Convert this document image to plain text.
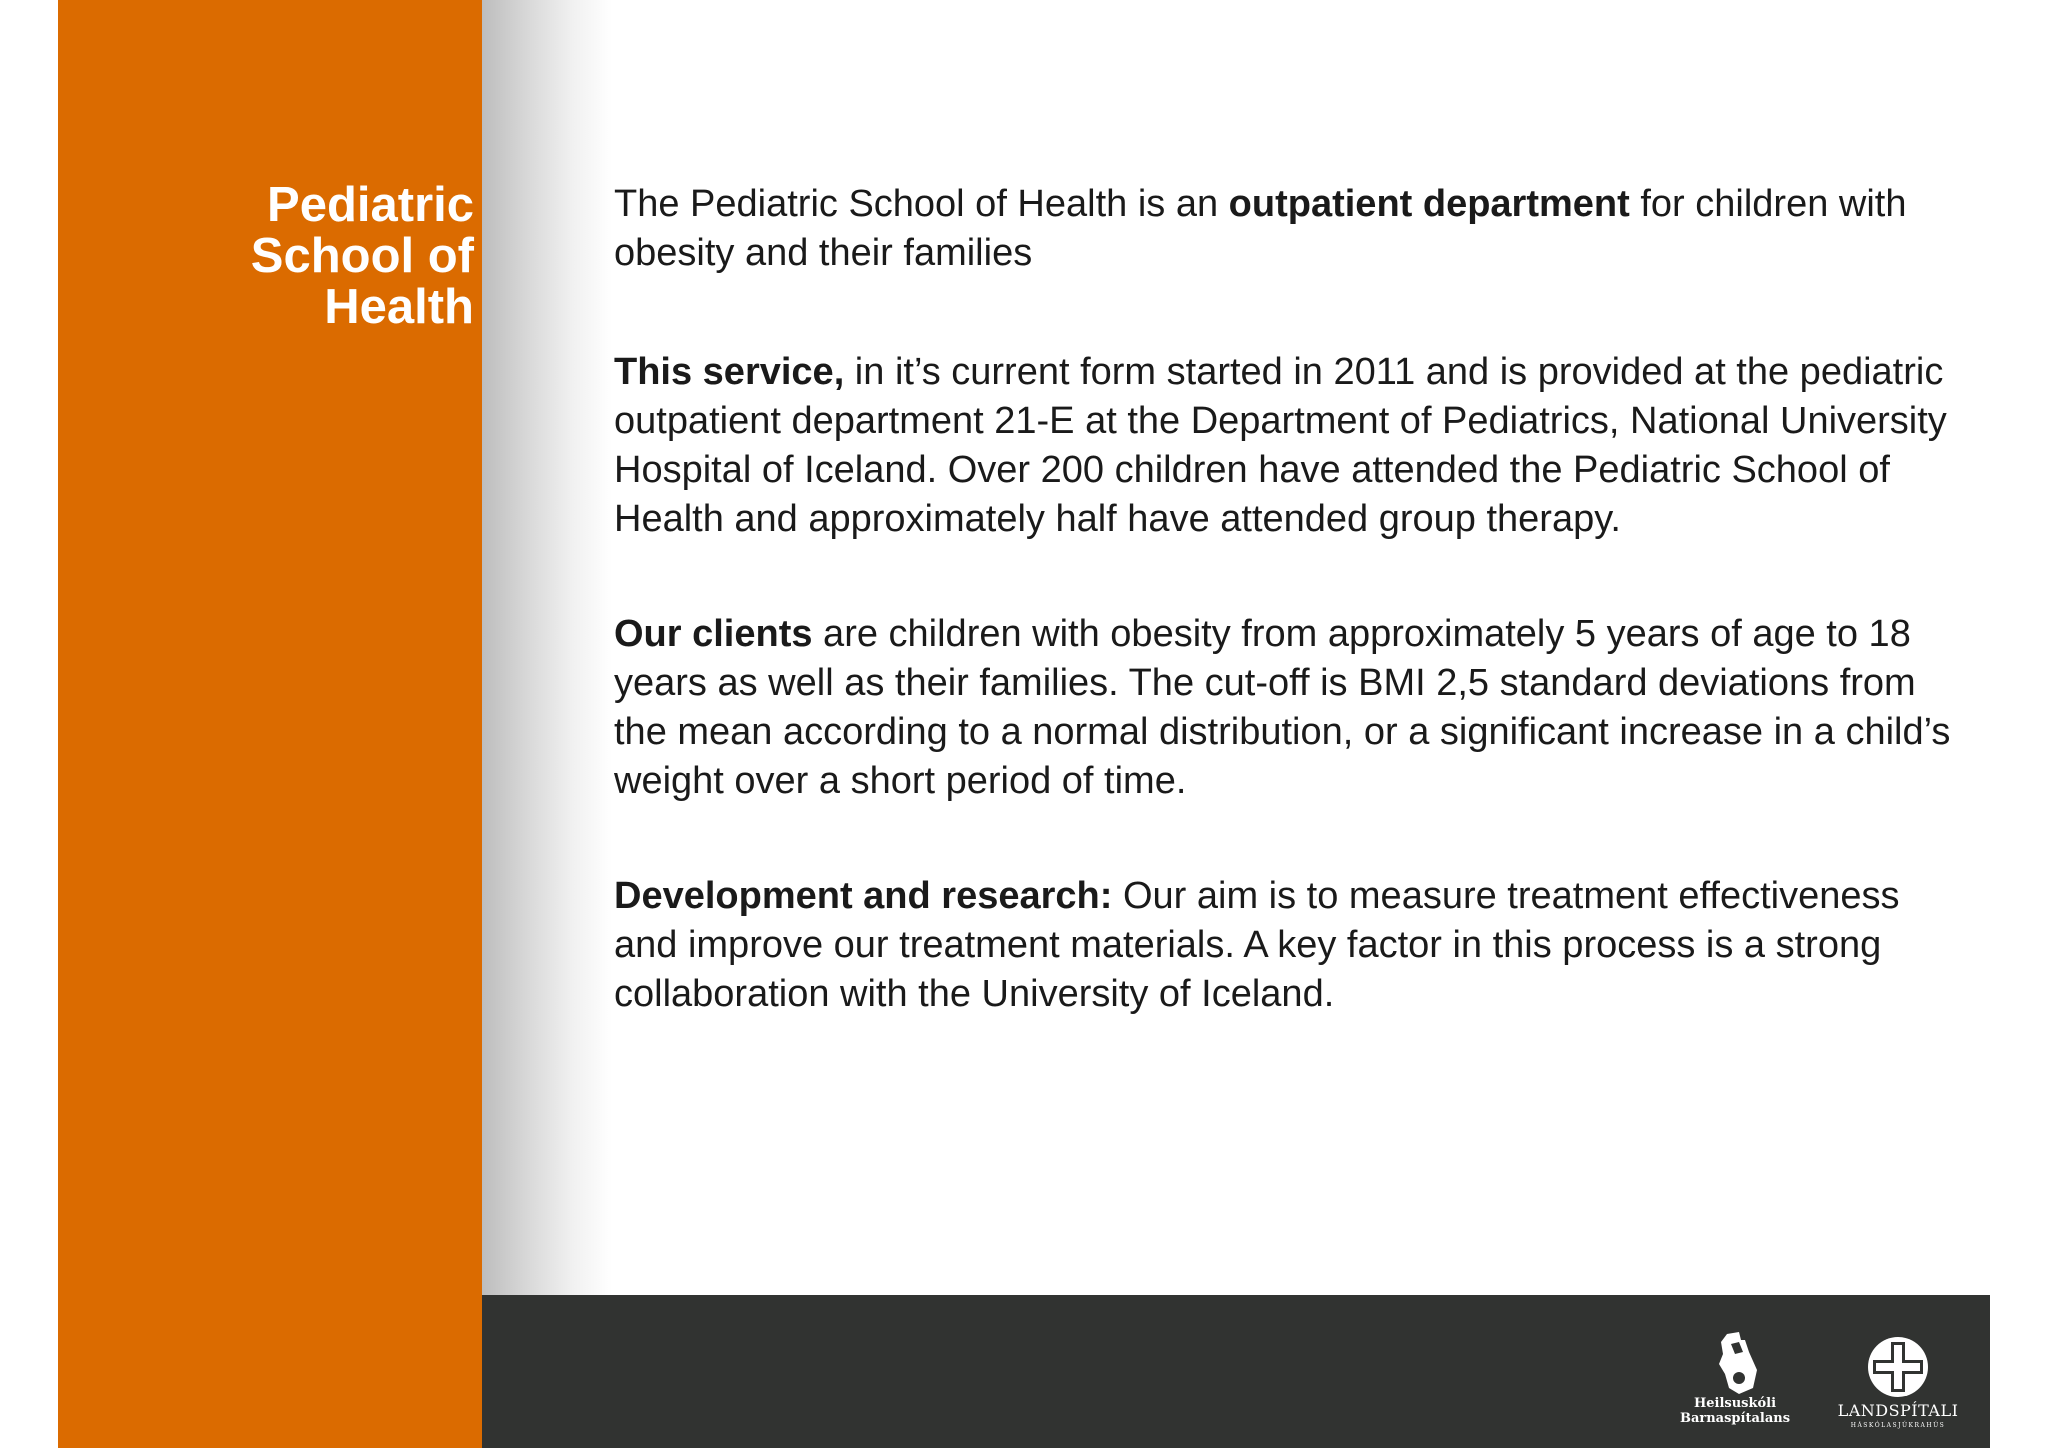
Pediatric
School of
Health

The Pediatric School of Health is an outpatient department for children with obesity and their families

This service, in it’s current form started in 2011 and is provided at the pediatric outpatient department 21-E at the Department of Pediatrics, National University Hospital of Iceland. Over 200 children have attended the Pediatric School of Health and approximately half have attended group therapy.

Our clients are children with obesity from approximately 5 years of age to 18 years as well as their families. The cut-off is BMI 2,5 standard deviations from the mean according to a normal distribution, or a significant increase in a child’s weight over a short period of time.

Development and research: Our aim is to measure treatment effectiveness and improve our treatment materials. A key factor in this process is a strong collaboration with the University of Iceland.

Heilsuskóli
Barnaspítalans	LANDSPÍTALI
HÁSKÓLASJÚKRAHÚS
